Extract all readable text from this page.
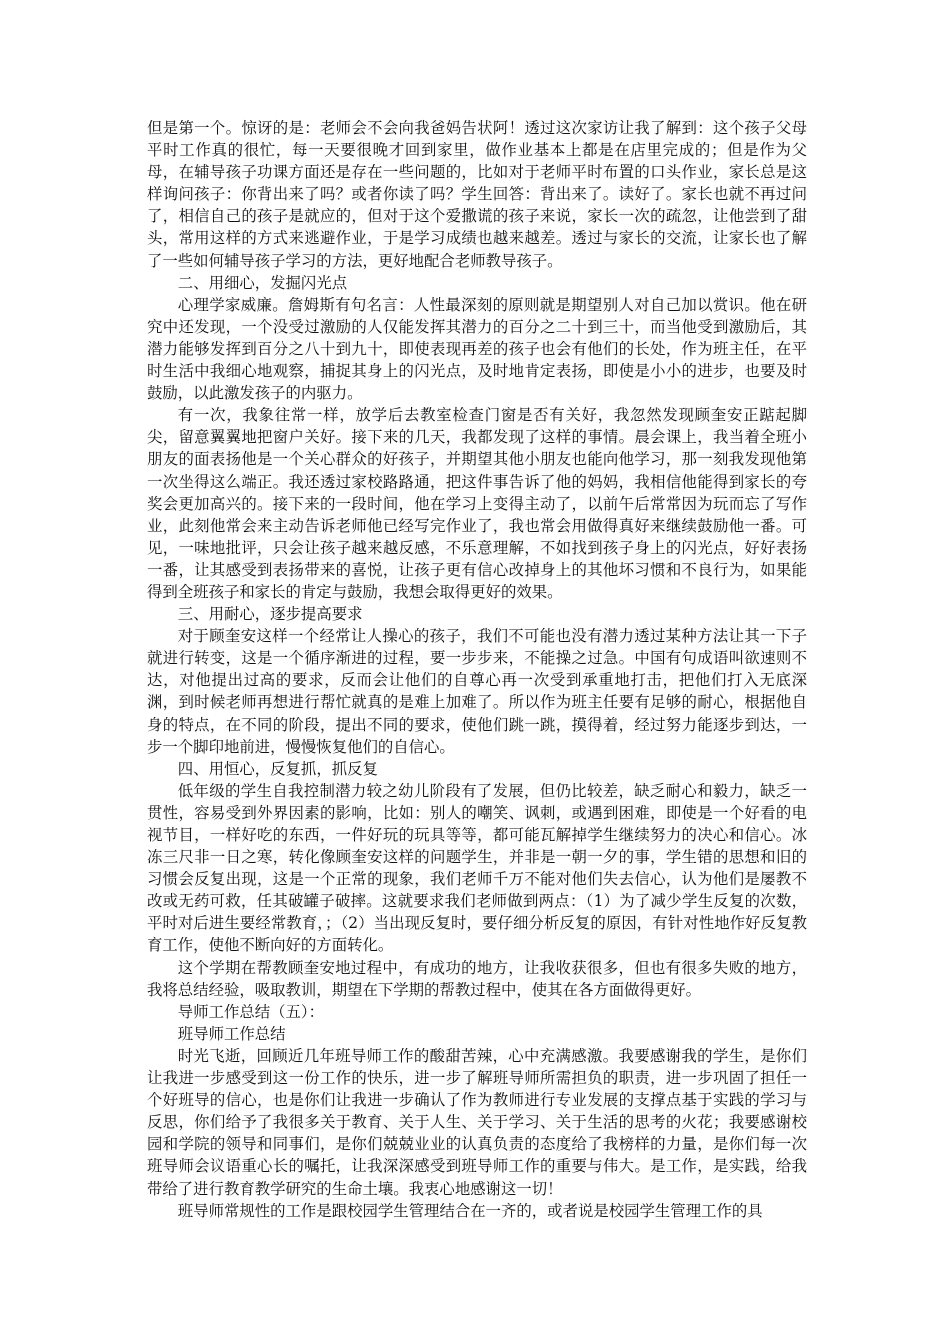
但是第一个。惊讶的是：老师会不会向我爸妈告状阿！透过这次家访让我了解到：这个孩子父母平时工作真的很忙，每一天要很晚才回到家里，做作业基本上都是在店里完成的；但是作为父母，在辅导孩子功课方面还是存在一些问题的，比如对于老师平时布置的口头作业，家长总是这样询问孩子：你背出来了吗？或者你读了吗？学生回答：背出来了。读好了。家长也就不再过问了，相信自己的孩子是就应的，但对于这个爱撒谎的孩子来说，家长一次的疏忽，让他尝到了甜头，常用这样的方式来逃避作业，于是学习成绩也越来越差。透过与家长的交流，让家长也了解了一些如何辅导孩子学习的方法，更好地配合老师教导孩子。

二、用细心，发掘闪光点

心理学家威廉。詹姆斯有句名言：人性最深刻的原则就是期望别人对自己加以赏识。他在研究中还发现，一个没受过激励的人仅能发挥其潜力的百分之二十到三十，而当他受到激励后，其潜力能够发挥到百分之八十到九十，即使表现再差的孩子也会有他们的长处，作为班主任，在平时生活中我细心地观察，捕捉其身上的闪光点，及时地肯定表扬，即使是小小的进步，也要及时鼓励，以此激发孩子的内驱力。

有一次，我象往常一样，放学后去教室检查门窗是否有关好，我忽然发现顾奎安正踮起脚尖，留意翼翼地把窗户关好。接下来的几天，我都发现了这样的事情。晨会课上，我当着全班小朋友的面表扬他是一个关心群众的好孩子，并期望其他小朋友也能向他学习，那一刻我发现他第一次坐得这么端正。我还透过家校路路通，把这件事告诉了他的妈妈，我相信他能得到家长的夸奖会更加高兴的。接下来的一段时间，他在学习上变得主动了，以前午后常常因为玩而忘了写作业，此刻他常会来主动告诉老师他已经写完作业了，我也常会用做得真好来继续鼓励他一番。可见，一味地批评，只会让孩子越来越反感，不乐意理解，不如找到孩子身上的闪光点，好好表扬一番，让其感受到表扬带来的喜悦，让孩子更有信心改掉身上的其他坏习惯和不良行为，如果能得到全班孩子和家长的肯定与鼓励，我想会取得更好的效果。

三、用耐心，逐步提高要求

对于顾奎安这样一个经常让人操心的孩子，我们不可能也没有潜力透过某种方法让其一下子就进行转变，这是一个循序渐进的过程，要一步步来，不能操之过急。中国有句成语叫欲速则不达，对他提出过高的要求，反而会让他们的自尊心再一次受到承重地打击，把他们打入无底深渊，到时候老师再想进行帮忙就真的是难上加难了。所以作为班主任要有足够的耐心，根据他自身的特点，在不同的阶段，提出不同的要求，使他们跳一跳，摸得着，经过努力能逐步到达，一步一个脚印地前进，慢慢恢复他们的自信心。

四、用恒心，反复抓，抓反复

低年级的学生自我控制潜力较之幼儿阶段有了发展，但仍比较差，缺乏耐心和毅力，缺乏一贯性，容易受到外界因素的影响，比如：别人的嘲笑、讽刺，或遇到困难，即使是一个好看的电视节目，一样好吃的东西，一件好玩的玩具等等，都可能瓦解掉学生继续努力的决心和信心。冰冻三尺非一日之寒，转化像顾奎安这样的问题学生，并非是一朝一夕的事，学生错的思想和旧的习惯会反复出现，这是一个正常的现象，我们老师千万不能对他们失去信心，认为他们是屡教不改或无药可救，任其破罐子破摔。这就要求我们老师做到两点：（1）为了减少学生反复的次数，平时对后进生要经常教育，；（2）当出现反复时，要仔细分析反复的原因，有针对性地作好反复教育工作，使他不断向好的方面转化。

这个学期在帮教顾奎安地过程中，有成功的地方，让我收获很多，但也有很多失败的地方，我将总结经验，吸取教训，期望在下学期的帮教过程中，使其在各方面做得更好。

导师工作总结（五）：

班导师工作总结

时光飞逝，回顾近几年班导师工作的酸甜苦辣，心中充满感激。我要感谢我的学生，是你们让我进一步感受到这一份工作的快乐，进一步了解班导师所需担负的职责，进一步巩固了担任一个好班导的信心，也是你们让我进一步确认了作为教师进行专业发展的支撑点基于实践的学习与反思，你们给予了我很多关于教育、关于人生、关于学习、关于生活的思考的火花；我要感谢校园和学院的领导和同事们，是你们兢兢业业的认真负责的态度给了我榜样的力量，是你们每一次班导师会议语重心长的嘱托，让我深深感受到班导师工作的重要与伟大。是工作，是实践，给我带给了进行教育教学研究的生命土壤。我衷心地感谢这一切！

班导师常规性的工作是跟校园学生管理结合在一齐的，或者说是校园学生管理工作的具
